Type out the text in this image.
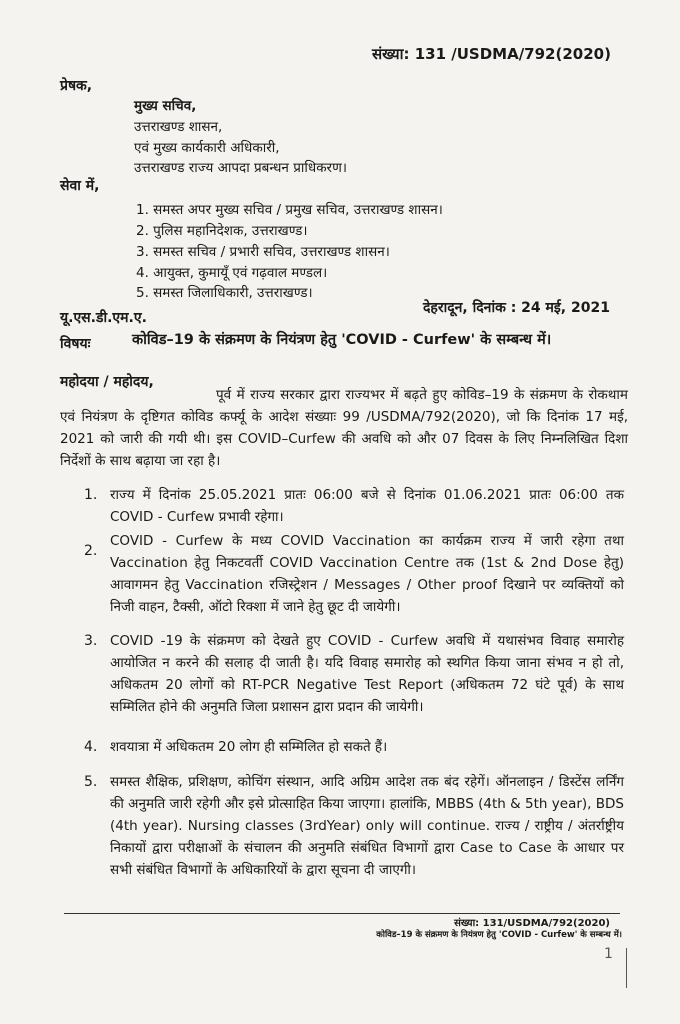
संख्या: 131 /USDMA/792(2020)
प्रेषक,
मुख्य सचिव,
उत्तराखण्ड शासन,
एवं मुख्य कार्यकारी अधिकारी,
उत्तराखण्ड राज्य आपदा प्रबन्धन प्राधिकरण।
सेवा में,
1. समस्त अपर मुख्य सचिव / प्रमुख सचिव, उत्तराखण्ड शासन।
2. पुलिस महानिदेशक, उत्तराखण्ड।
3. समस्त सचिव / प्रभारी सचिव, उत्तराखण्ड शासन।
4. आयुक्त, कुमायूँ एवं गढ़वाल मण्डल।
5. समस्त जिलाधिकारी, उत्तराखण्ड।
यू.एस.डी.एम.ए.
देहरादून, दिनांक : 24 मई, 2021
विषयः	कोविड–19 के संक्रमण के नियंत्रण हेतु 'COVID - Curfew' के सम्बन्ध में।
महोदया / महोदय,
पूर्व में राज्य सरकार द्वारा राज्यभर में बढ़ते हुए कोविड–19 के संक्रमण के रोकथाम एवं नियंत्रण के दृष्टिगत कोविड कर्फ्यू के आदेश संख्याः 99 /USDMA/792(2020), जो कि दिनांक 17 मई, 2021 को जारी की गयी थी। इस COVID–Curfew की अवधि को और 07 दिवस के लिए निम्नलिखित दिशा निर्देशों के साथ बढ़ाया जा रहा है।
1. राज्य में दिनांक 25.05.2021 प्रातः 06:00 बजे से दिनांक 01.06.2021 प्रातः 06:00 तक COVID - Curfew प्रभावी रहेगा।
2.
COVID - Curfew के मध्य COVID Vaccination का कार्यक्रम राज्य में जारी रहेगा तथा Vaccination हेतु निकटवर्ती COVID Vaccination Centre तक (1st & 2nd Dose हेतु) आवागमन हेतु Vaccination रजिस्ट्रेशन / Messages / Other proof दिखाने पर व्यक्तियों को निजी वाहन, टैक्सी, ऑटो रिक्शा में जाने हेतु छूट दी जायेगी।
3. COVID -19 के संक्रमण को देखते हुए COVID - Curfew अवधि में यथासंभव विवाह समारोह आयोजित न करने की सलाह दी जाती है। यदि विवाह समारोह को स्थगित किया जाना संभव न हो तो, अधिकतम 20 लोगों को RT-PCR Negative Test Report (अधिकतम 72 घंटे पूर्व) के साथ सम्मिलित होने की अनुमति जिला प्रशासन द्वारा प्रदान की जायेगी।
4. शवयात्रा में अधिकतम 20 लोग ही सम्मिलित हो सकते हैं।
5. समस्त शैक्षिक, प्रशिक्षण, कोचिंग संस्थान, आदि अग्रिम आदेश तक बंद रहेगें। ऑनलाइन / डिस्टेंस लर्निंग की अनुमति जारी रहेगी और इसे प्रोत्साहित किया जाएगा। हालांकि, MBBS (4th & 5th year), BDS (4th year). Nursing classes (3rdYear) only will continue. राज्य / राष्ट्रीय / अंतर्राष्ट्रीय निकायों द्वारा परीक्षाओं के संचालन की अनुमति संबंधित विभागों द्वारा Case to Case के आधार पर सभी संबंधित विभागों के अधिकारियों के द्वारा सूचना दी जाएगी।
संख्या: 131/USDMA/792(2020)
कोविड–19 के संक्रमण के नियंत्रण हेतु 'COVID - Curfew' के सम्बन्ध में।
1
